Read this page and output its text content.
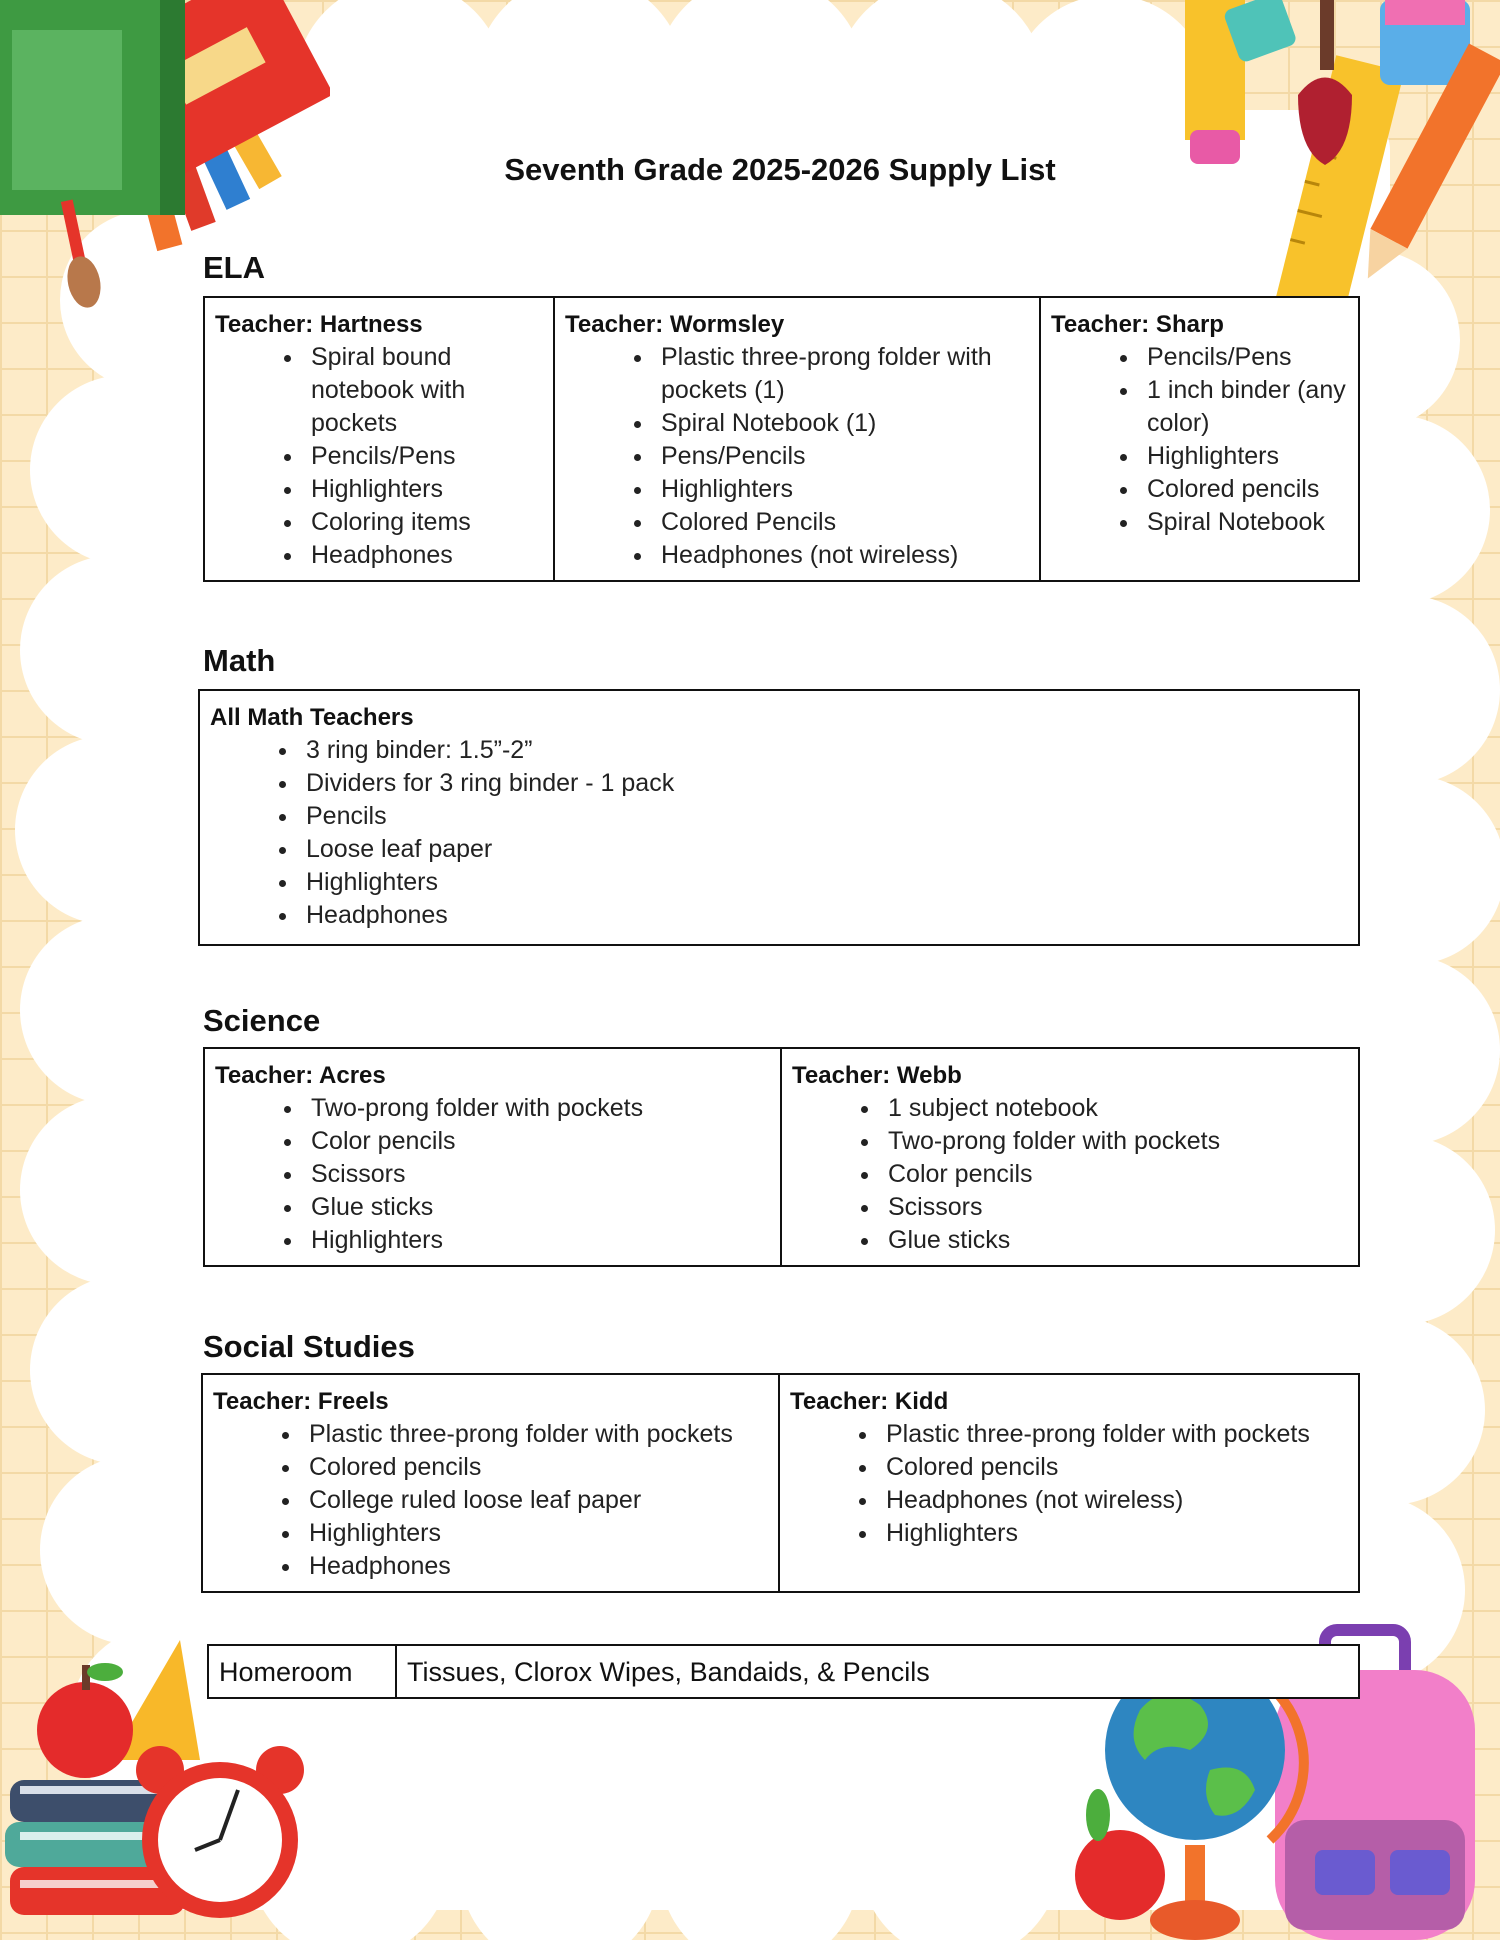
Seventh Grade 2025-2026 Supply List
ELA
Teacher: Hartness
• Spiral bound notebook with pockets
• Pencils/Pens
• Highlighters
• Coloring items
• Headphones

Teacher: Wormsley
• Plastic three-prong folder with pockets (1)
• Spiral Notebook (1)
• Pens/Pencils
• Highlighters
• Colored Pencils
• Headphones (not wireless)

Teacher: Sharp
• Pencils/Pens
• 1 inch binder (any color)
• Highlighters
• Colored pencils
• Spiral Notebook
Math
All Math Teachers
• 3 ring binder: 1.5”-2”
• Dividers for 3 ring binder - 1 pack
• Pencils
• Loose leaf paper
• Highlighters
• Headphones
Science
Teacher: Acres
• Two-prong folder with pockets
• Color pencils
• Scissors
• Glue sticks
• Highlighters

Teacher: Webb
• 1 subject notebook
• Two-prong folder with pockets
• Color pencils
• Scissors
• Glue sticks
Social Studies
Teacher: Freels
• Plastic three-prong folder with pockets
• Colored pencils
• College ruled loose leaf paper
• Highlighters
• Headphones

Teacher: Kidd
• Plastic three-prong folder with pockets
• Colored pencils
• Headphones (not wireless)
• Highlighters
Homeroom	Tissues, Clorox Wipes, Bandaids, & Pencils
